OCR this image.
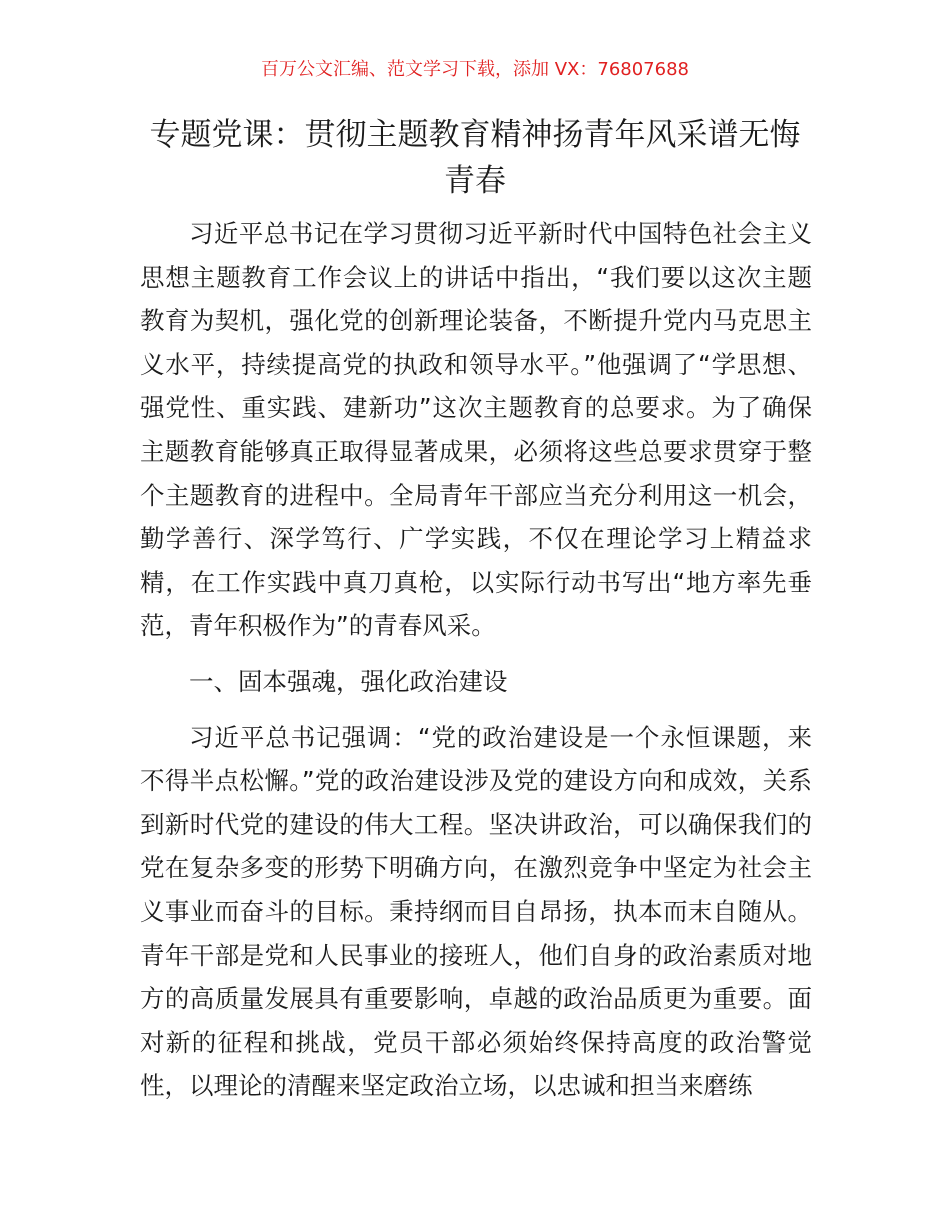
百万公文汇编、范文学习下载，添加 VX：76807688
专题党课：贯彻主题教育精神扬青年风采谱无悔青春

习近平总书记在学习贯彻习近平新时代中国特色社会主义思想主题教育工作会议上的讲话中指出，“我们要以这次主题教育为契机，强化党的创新理论装备，不断提升党内马克思主义水平，持续提高党的执政和领导水平。”他强调了“学思想、强党性、重实践、建新功”这次主题教育的总要求。为了确保主题教育能够真正取得显著成果，必须将这些总要求贯穿于整个主题教育的进程中。全局青年干部应当充分利用这一机会，勤学善行、深学笃行、广学实践，不仅在理论学习上精益求精，在工作实践中真刀真枪，以实际行动书写出“地方率先垂范，青年积极作为”的青春风采。

一、固本强魂，强化政治建设

习近平总书记强调：“党的政治建设是一个永恒课题，来不得半点松懈。”党的政治建设涉及党的建设方向和成效，关系到新时代党的建设的伟大工程。坚决讲政治，可以确保我们的党在复杂多变的形势下明确方向，在激烈竞争中坚定为社会主义事业而奋斗的目标。秉持纲而目自昂扬，执本而末自随从。青年干部是党和人民事业的接班人，他们自身的政治素质对地方的高质量发展具有重要影响，卓越的政治品质更为重要。面对新的征程和挑战，党员干部必须始终保持高度的政治警觉性，以理论的清醒来坚定政治立场，以忠诚和担当来磨练
